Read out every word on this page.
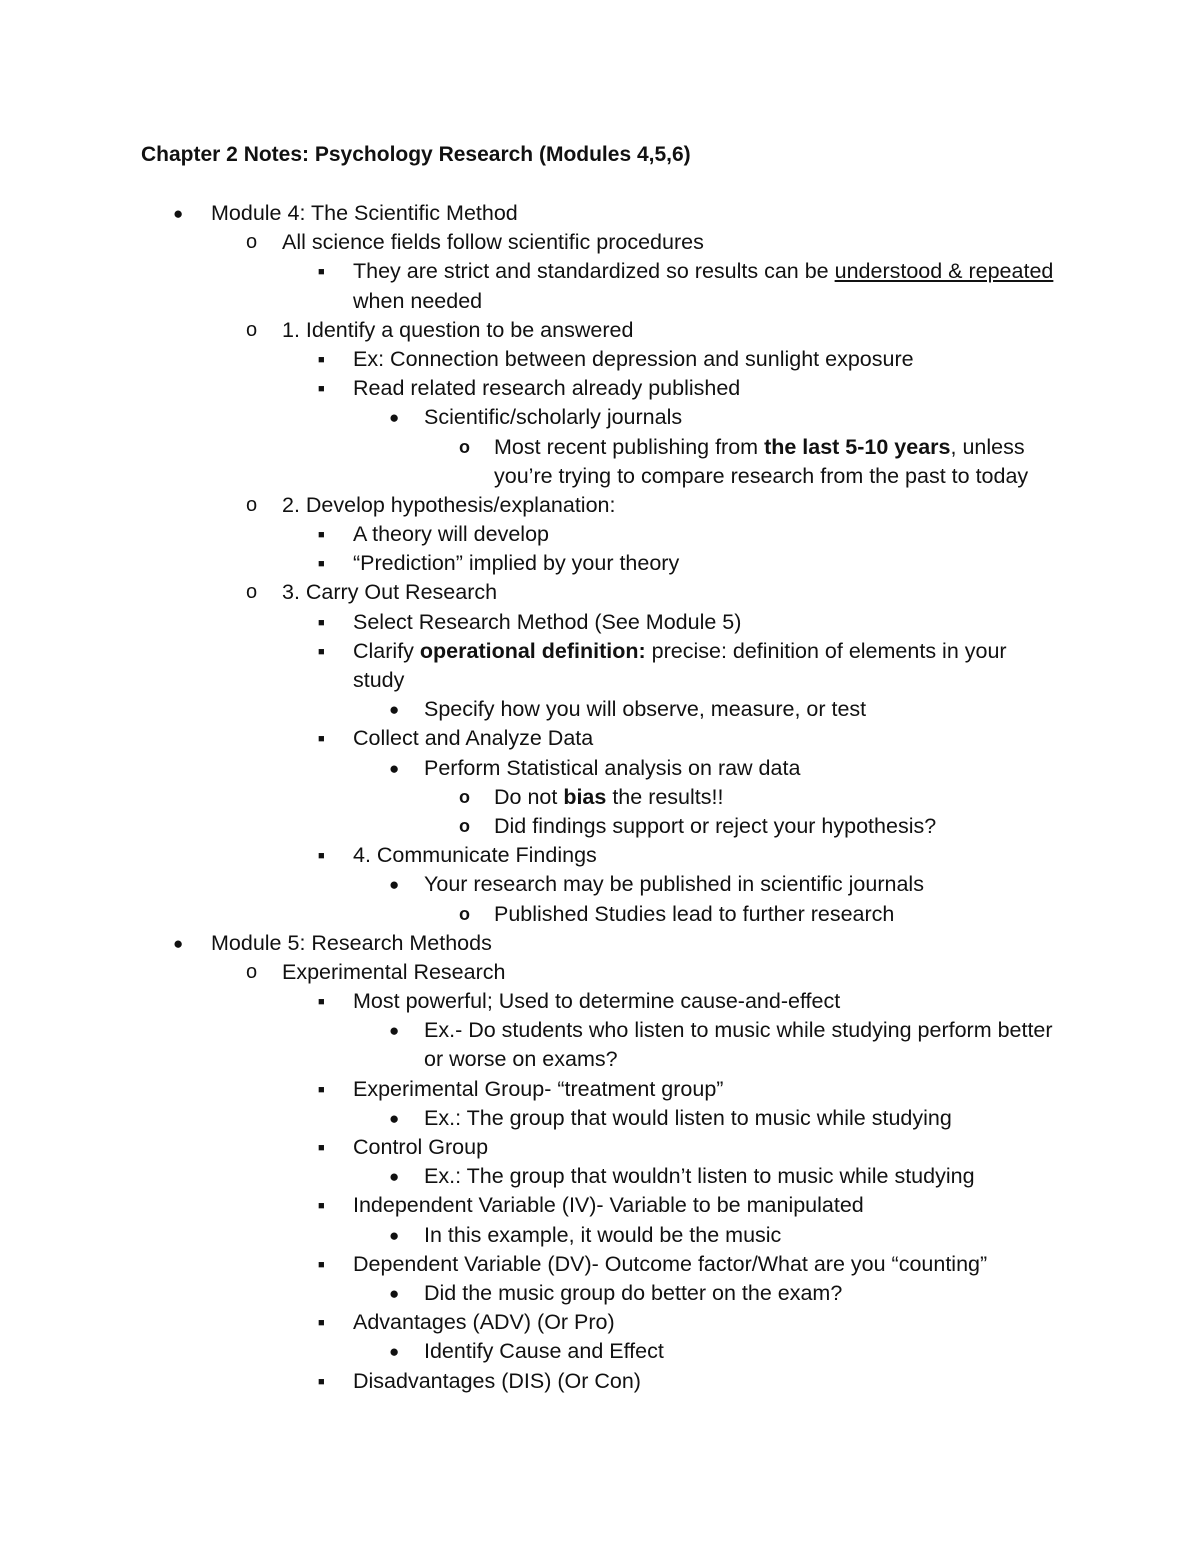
Chapter 2 Notes: Psychology Research (Modules 4,5,6)
● Module 4: The Scientific Method
o All science fields follow scientific procedures
■ They are strict and standardized so results can be understood & repeated
when needed
o 1. Identify a question to be answered
■ Ex: Connection between depression and sunlight exposure
■ Read related research already published
● Scientific/scholarly journals
o Most recent publishing from the last 5-10 years, unless
you’re trying to compare research from the past to today
o 2. Develop hypothesis/explanation:
■ A theory will develop
■ “Prediction” implied by your theory
o 3. Carry Out Research
■ Select Research Method (See Module 5)
■ Clarify operational definition: precise: definition of elements in your
study
● Specify how you will observe, measure, or test
■ Collect and Analyze Data
● Perform Statistical analysis on raw data
o Do not bias the results!!
o Did findings support or reject your hypothesis?
■ 4. Communicate Findings
● Your research may be published in scientific journals
o Published Studies lead to further research
● Module 5: Research Methods
o Experimental Research
■ Most powerful; Used to determine cause-and-effect
● Ex.- Do students who listen to music while studying perform better
or worse on exams?
■ Experimental Group- “treatment group”
● Ex.: The group that would listen to music while studying
■ Control Group
● Ex.: The group that wouldn’t listen to music while studying
■ Independent Variable (IV)- Variable to be manipulated
● In this example, it would be the music
■ Dependent Variable (DV)- Outcome factor/What are you “counting”
● Did the music group do better on the exam?
■ Advantages (ADV) (Or Pro)
● Identify Cause and Effect
■ Disadvantages (DIS) (Or Con)
